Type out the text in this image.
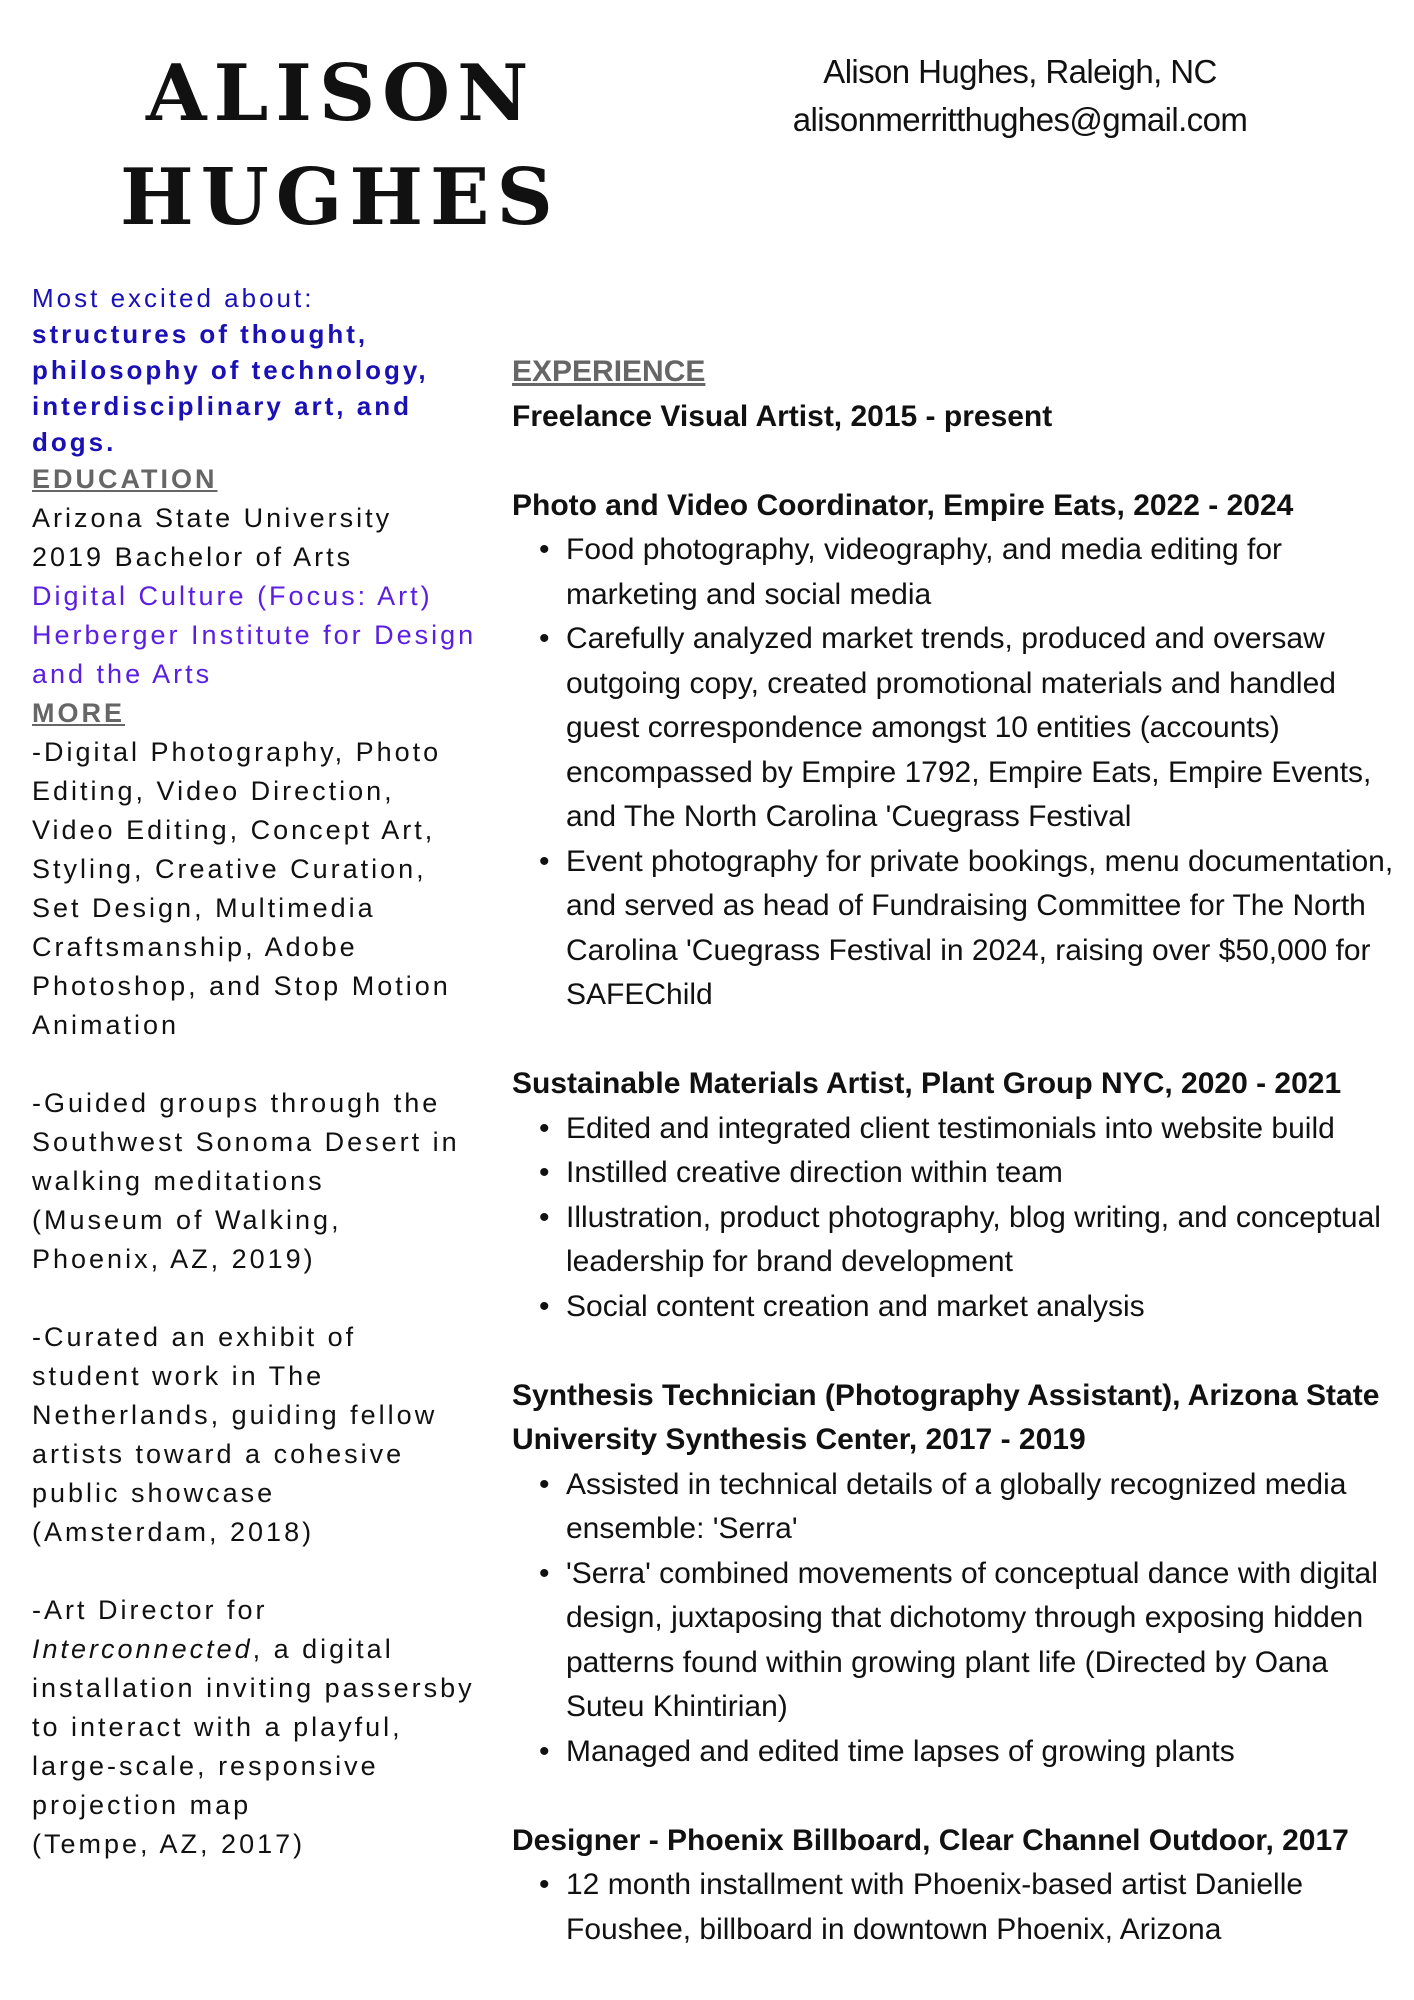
ALISON
HUGHES
Alison Hughes, Raleigh, NC
alisonmerritthughes@gmail.com

Most excited about:

structures of thought,

philosophy of technology,

interdisciplinary art, and

dogs.

EDUCATION

Arizona State University

2019 Bachelor of Arts

Digital Culture (Focus: Art)

Herberger Institute for Design

and the Arts

MORE

-Digital Photography, Photo

Editing, Video Direction,

Video Editing, Concept Art,

Styling, Creative Curation,

Set Design, Multimedia

Craftsmanship, Adobe

Photoshop, and Stop Motion

Animation

-Guided groups through the

Southwest Sonoma Desert in

walking meditations

(Museum of Walking,

Phoenix, AZ, 2019)

-Curated an exhibit of

student work in The

Netherlands, guiding fellow

artists toward a cohesive

public showcase

(Amsterdam, 2018)

-Art Director for

Interconnected, a digital

installation inviting passersby

to interact with a playful,

large-scale, responsive

projection map

(Tempe, AZ, 2017)

EXPERIENCE

Freelance Visual Artist, 2015 - present

Photo and Video Coordinator, Empire Eats, 2022 - 2024

• Food photography, videography, and media editing for marketing and social media
• Carefully analyzed market trends, produced and oversaw outgoing copy, created promotional materials and handled guest correspondence amongst 10 entities (accounts) encompassed by Empire 1792, Empire Eats, Empire Events, and The North Carolina 'Cuegrass Festival
• Event photography for private bookings, menu documentation, and served as head of Fundraising Committee for The North Carolina 'Cuegrass Festival in 2024, raising over $50,000 for SAFEChild

Sustainable Materials Artist, Plant Group NYC, 2020 - 2021

• Edited and integrated client testimonials into website build
• Instilled creative direction within team
• Illustration, product photography, blog writing, and conceptual leadership for brand development
• Social content creation and market analysis

Synthesis Technician (Photography Assistant), Arizona State University Synthesis Center, 2017 - 2019

• Assisted in technical details of a globally recognized media ensemble: 'Serra'
• 'Serra' combined movements of conceptual dance with digital design, juxtaposing that dichotomy through exposing hidden patterns found within growing plant life (Directed by Oana Suteu Khintirian)
• Managed and edited time lapses of growing plants

Designer - Phoenix Billboard, Clear Channel Outdoor, 2017

• 12 month installment with Phoenix-based artist Danielle Foushee, billboard in downtown Phoenix, Arizona
